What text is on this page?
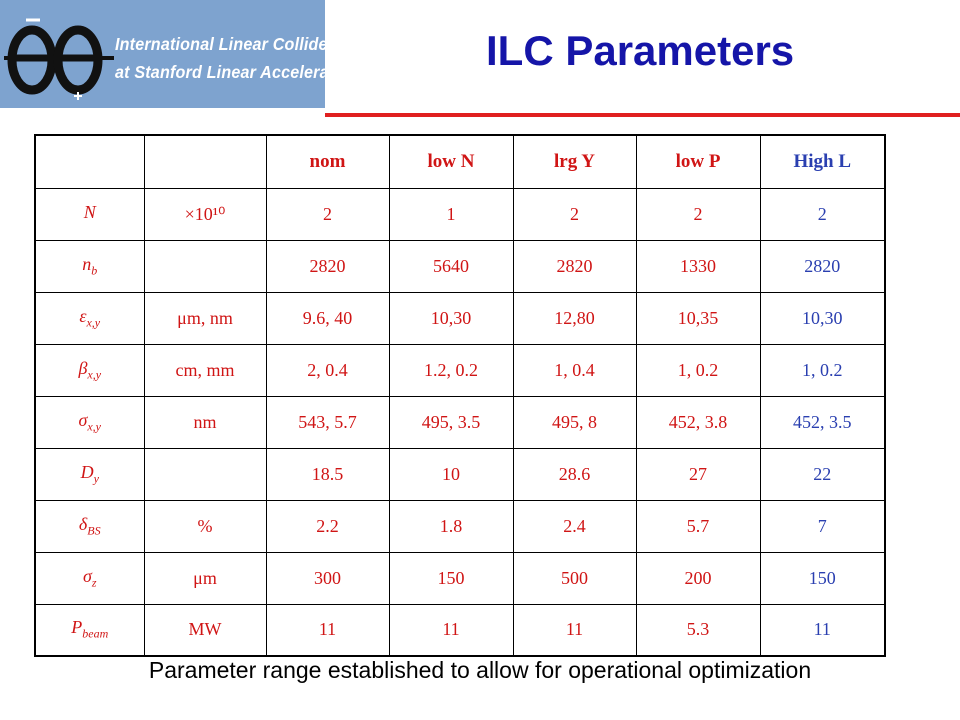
International Linear Collider
at Stanford Linear Accelerator Center ILC Parameters
		nom	low N	lrg Y	low P	High L
N	×10¹⁰	2	1	2	2	2
$n_b$		2820	5640	2820	1330	2820
$\varepsilon_{x,y}$	μm, nm	9.6, 40	10,30	12,80	10,35	10,30
$\beta_{x,y}$	cm, mm	2, 0.4	1.2, 0.2	1, 0.4	1, 0.2	1, 0.2
$\sigma_{x,y}$	nm	543, 5.7	495, 3.5	495, 8	452, 3.8	452, 3.5
$D_y$		18.5	10	28.6	27	22
$\delta_{BS}$	%	2.2	1.8	2.4	5.7	7
$\sigma_z$	μm	300	150	500	200	150
$P_{beam}$	MW	11	11	11	5.3	11
Parameter range established to allow for operational optimization
